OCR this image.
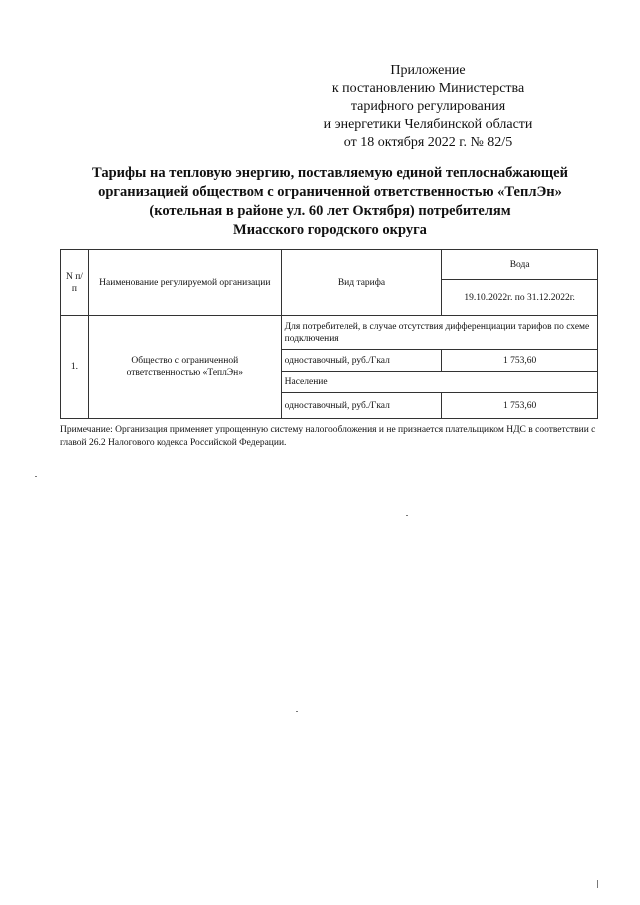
Приложение
к постановлению Министерства
тарифного регулирования
и энергетики Челябинской области
от 18 октября 2022 г. № 82/5
Тарифы на тепловую энергию, поставляемую единой теплоснабжающей
организацией обществом с ограниченной ответственностью «ТеплЭн»
(котельная в районе ул. 60 лет Октября) потребителям
Миасского городского округа
N п/п	Наименование регулируемой организации	Вид тарифа	Вода
			19.10.2022г. по 31.12.2022г.
1.	Общество с ограниченной ответственностью «ТеплЭн»	Для потребителей, в случае отсутствия дифференциации тарифов по схеме подключения	
		одноставочный, руб./Гкал	1 753,60
		Население	
		одноставочный, руб./Гкал	1 753,60
Примечание: Организация применяет упрощенную систему налогообложения и не признается плательщиком НДС в соответствии с главой 26.2 Налогового кодекса Российской Федерации.
